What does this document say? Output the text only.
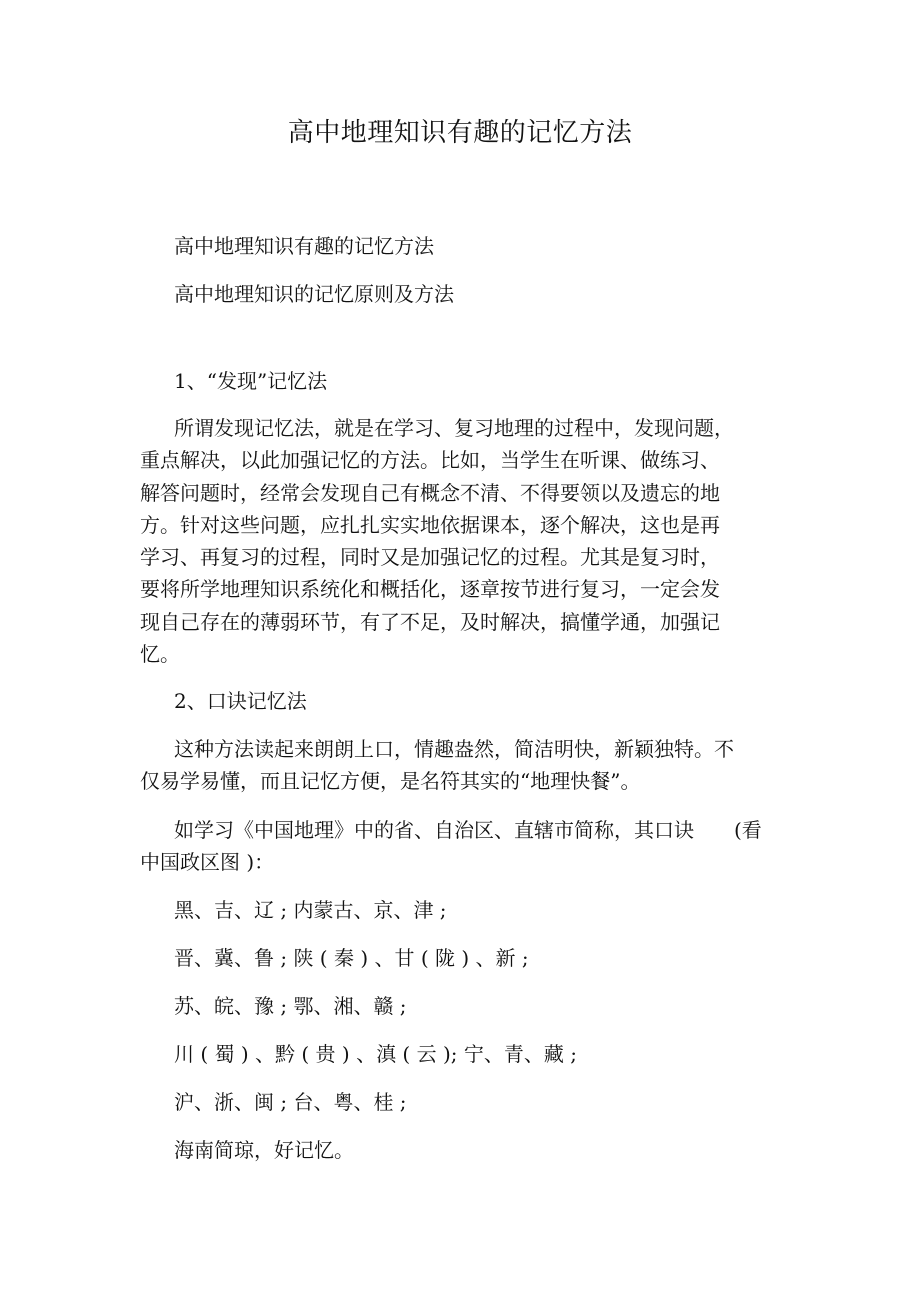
高中地理知识有趣的记忆方法
高中地理知识有趣的记忆方法
高中地理知识的记忆原则及方法
1、“发现”记忆法
所谓发现记忆法，就是在学习、复习地理的过程中，发现问题，
重点解决，以此加强记忆的方法。比如，当学生在听课、做练习、
解答问题时，经常会发现自己有概念不清、不得要领以及遗忘的地
方。针对这些问题，应扎扎实实地依据课本，逐个解决，这也是再
学习、再复习的过程，同时又是加强记忆的过程。尤其是复习时，
要将所学地理知识系统化和概括化，逐章按节进行复习，一定会发
现自己存在的薄弱环节，有了不足，及时解决，搞懂学通，加强记
忆。
2、口诀记忆法
这种方法读起来朗朗上口，情趣盎然，简洁明快，新颖独特。不
仅易学易懂，而且记忆方便，是名符其实的“地理快餐”。
如学习《中国地理》中的省、自治区、直辖市简称，其口诀　　(看
中国政区图 )：
黑、吉、辽 ; 内蒙古、京、津 ;
晋、冀、鲁 ; 陕 ( 秦 ) 、甘 ( 陇 ) 、新 ;
苏、皖、豫 ; 鄂、湘、赣 ;
川 ( 蜀 ) 、黔 ( 贵 ) 、滇 ( 云 ); 宁、青、藏 ;
沪、浙、闽 ; 台、粤、桂 ;
海南简琼，好记忆。
